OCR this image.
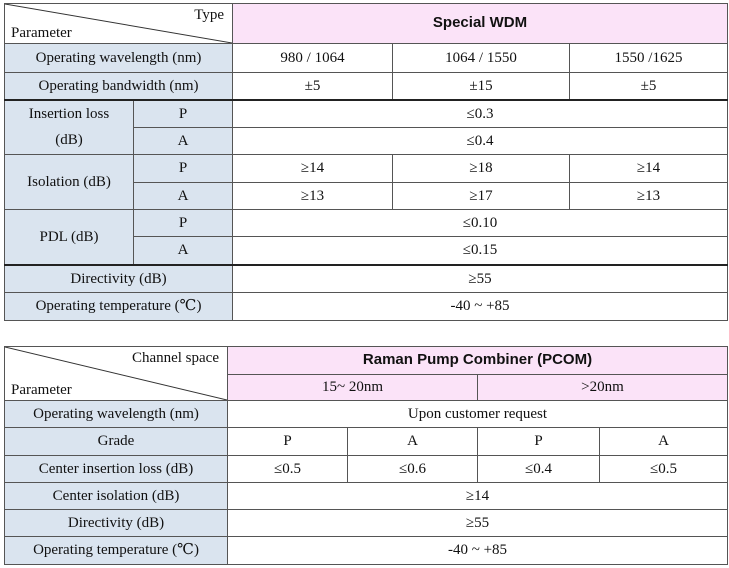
Type
Parameter		Special WDM		
Operating wavelength (nm)		980 / 1064	1064 / 1550	1550 /1625
Operating bandwidth (nm)		±5	±15	±5
Insertion loss
(dB)	P	≤0.3		
	A	≤0.4		
Isolation (dB)	P	≥14	≥18	≥14
	A	≥13	≥17	≥13
PDL (dB)	P	≤0.10		
	A	≤0.15		
Directivity (dB)		≥55		
Operating temperature (℃)		-40 ~ +85		
Channel space
Parameter	Raman Pump Combiner (PCOM)			
	15~ 20nm		>20nm	
Operating wavelength (nm)	Upon customer request			
Grade	P	A	P	A
Center insertion loss (dB)	≤0.5	≤0.6	≤0.4	≤0.5
Center isolation (dB)	≥14			
Directivity (dB)	≥55			
Operating temperature (℃)	-40 ~ +85			
